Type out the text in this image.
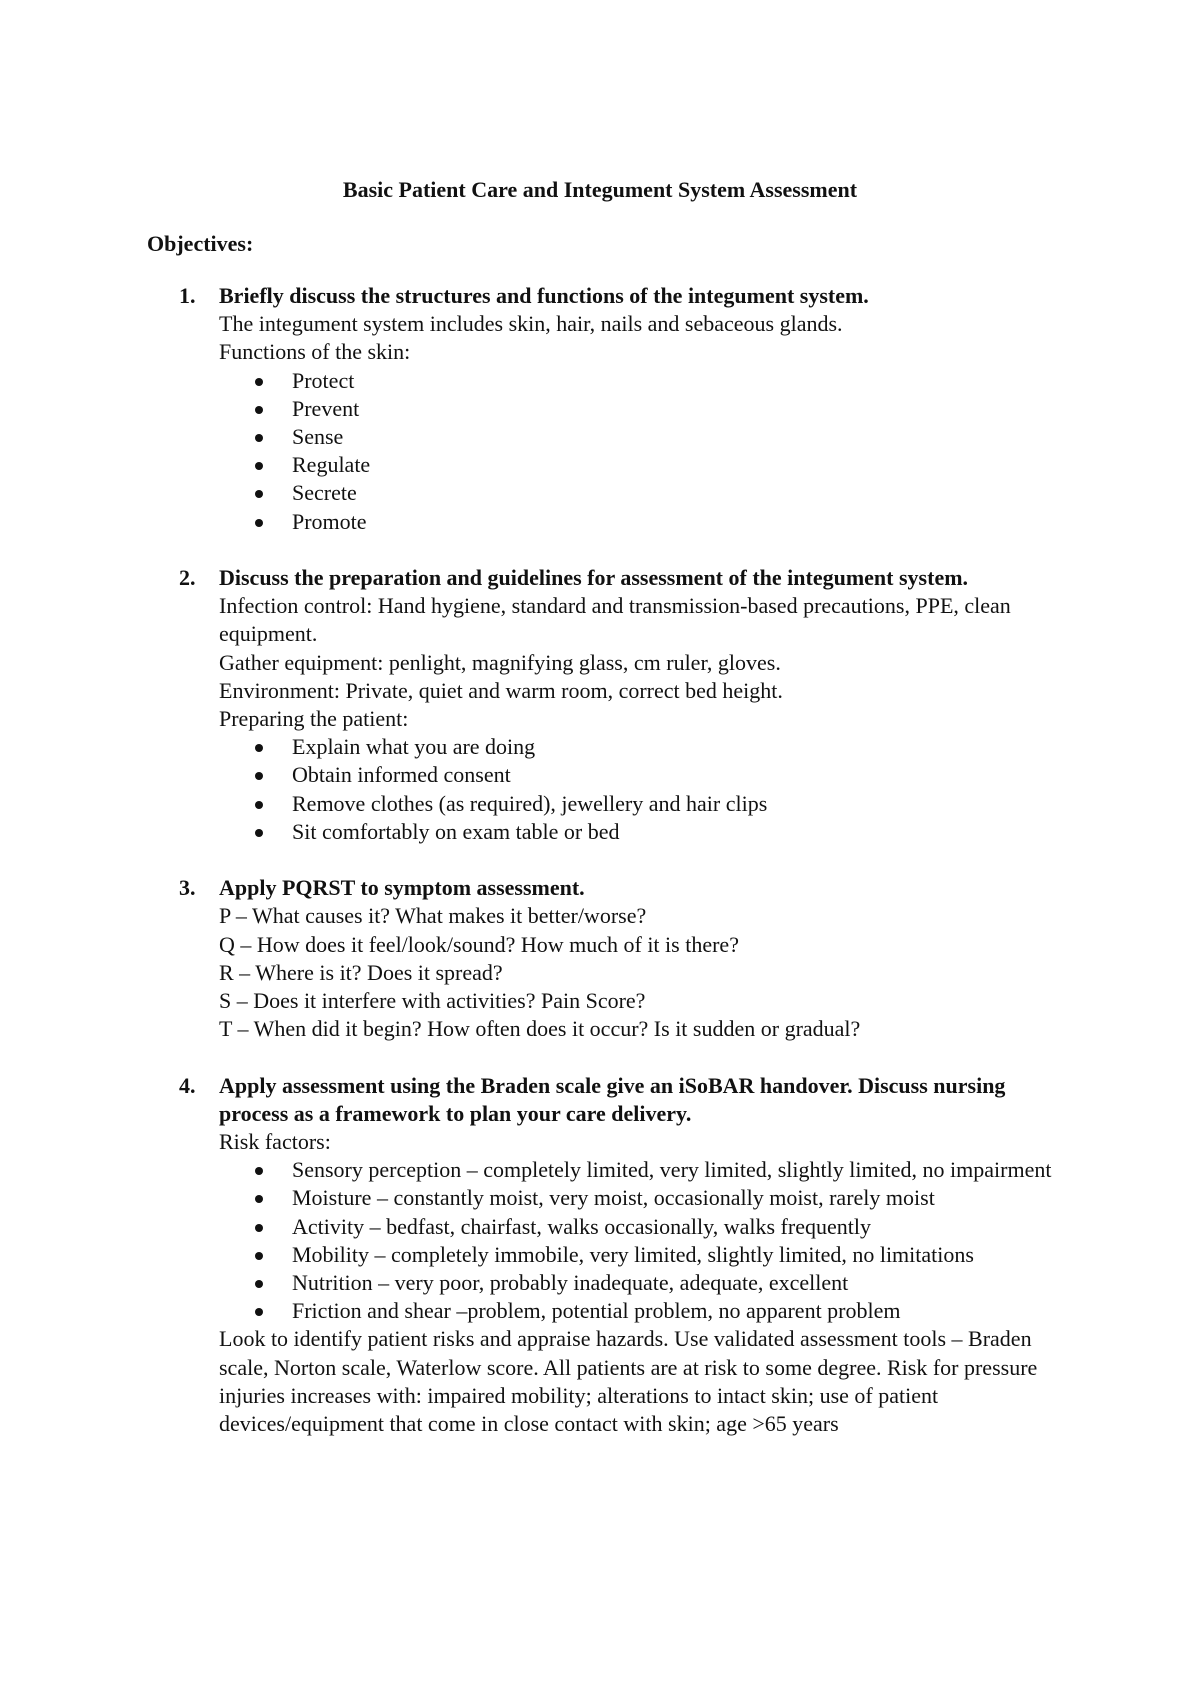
Basic Patient Care and Integument System Assessment
Objectives:
1. Briefly discuss the structures and functions of the integument system.
The integument system includes skin, hair, nails and sebaceous glands.
Functions of the skin:
Protect
Prevent
Sense
Regulate
Secrete
Promote
2. Discuss the preparation and guidelines for assessment of the integument system.
Infection control: Hand hygiene, standard and transmission-based precautions, PPE, clean equipment.
Gather equipment: penlight, magnifying glass, cm ruler, gloves.
Environment: Private, quiet and warm room, correct bed height.
Preparing the patient:
Explain what you are doing
Obtain informed consent
Remove clothes (as required), jewellery and hair clips
Sit comfortably on exam table or bed
3. Apply PQRST to symptom assessment.
P – What causes it? What makes it better/worse?
Q – How does it feel/look/sound? How much of it is there?
R – Where is it? Does it spread?
S – Does it interfere with activities? Pain Score?
T – When did it begin? How often does it occur? Is it sudden or gradual?
4. Apply assessment using the Braden scale give an iSoBAR handover. Discuss nursing process as a framework to plan your care delivery.
Risk factors:
Sensory perception – completely limited, very limited, slightly limited, no impairment
Moisture – constantly moist, very moist, occasionally moist, rarely moist
Activity – bedfast, chairfast, walks occasionally, walks frequently
Mobility – completely immobile, very limited, slightly limited, no limitations
Nutrition – very poor, probably inadequate, adequate, excellent
Friction and shear –problem, potential problem, no apparent problem
Look to identify patient risks and appraise hazards. Use validated assessment tools – Braden scale, Norton scale, Waterlow score. All patients are at risk to some degree. Risk for pressure injuries increases with: impaired mobility; alterations to intact skin; use of patient devices/equipment that come in close contact with skin; age >65 years
